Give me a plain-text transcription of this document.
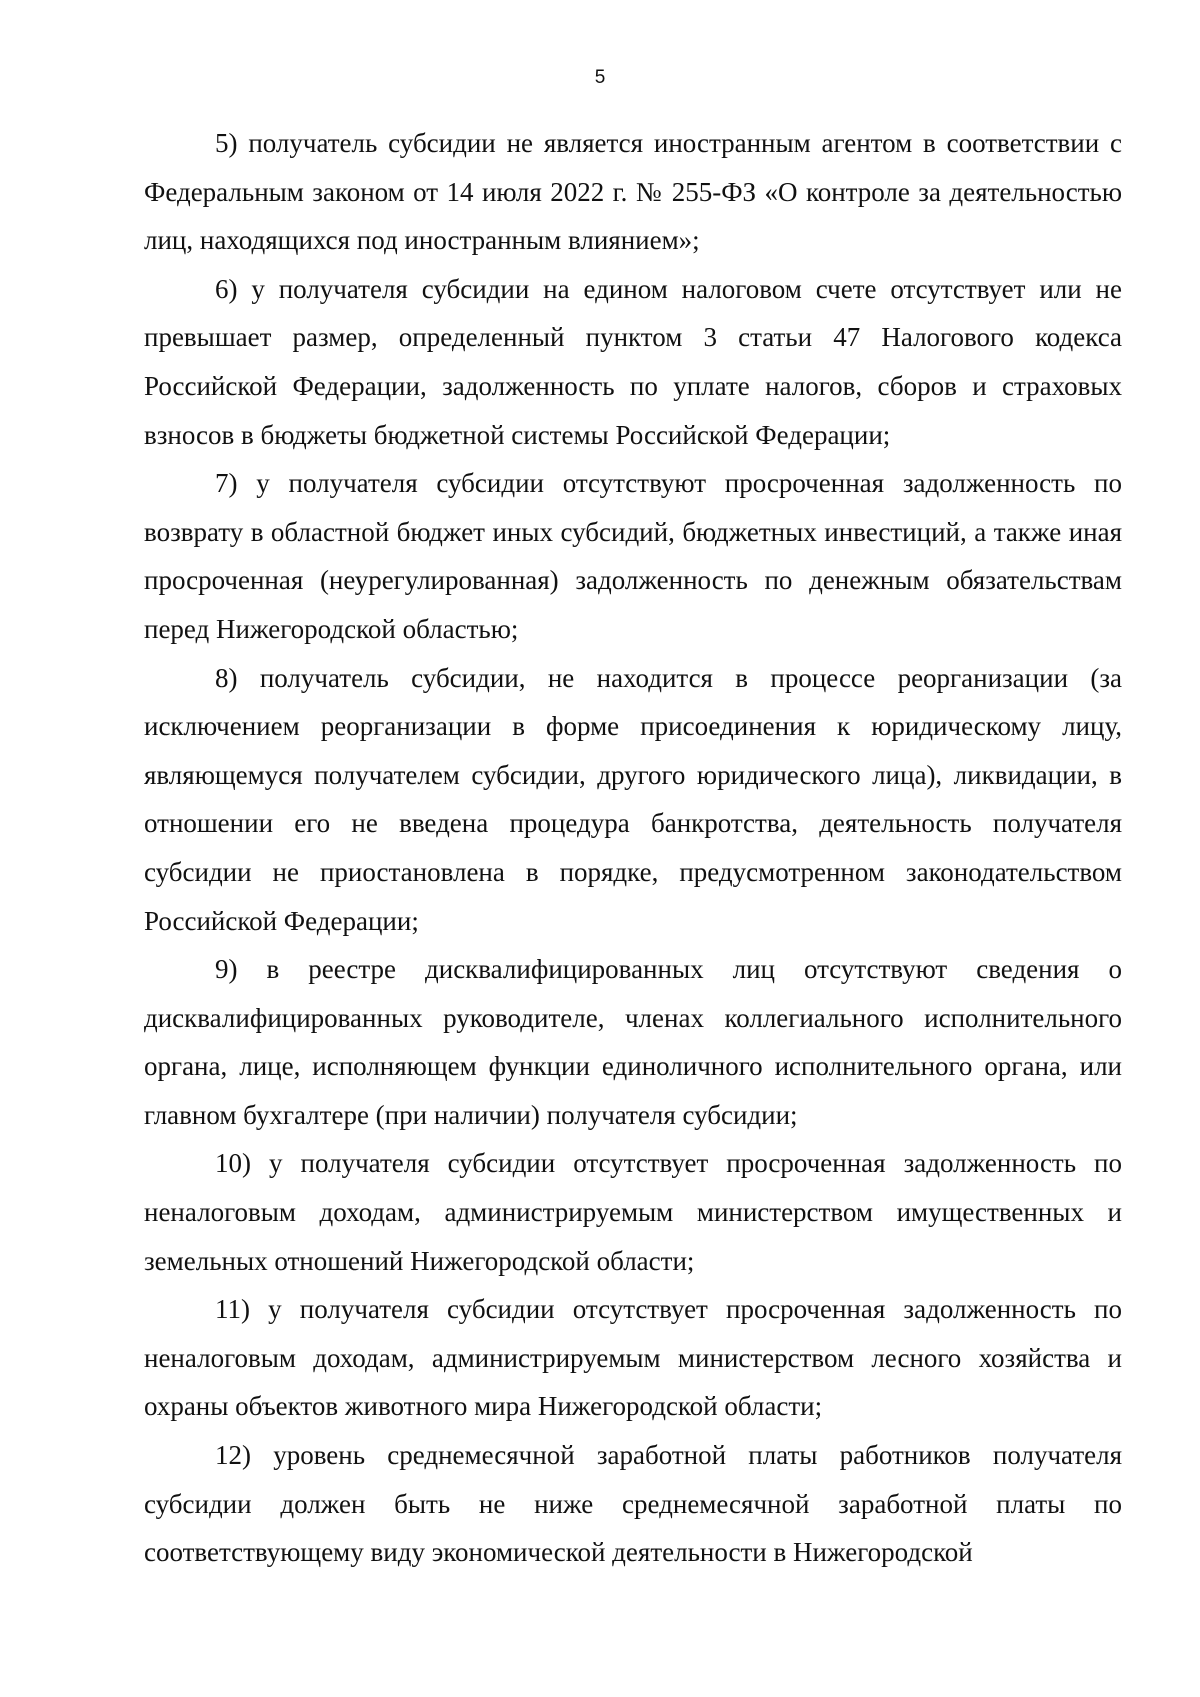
5

5) получатель субсидии не является иностранным агентом в соответствии с Федеральным законом от 14 июля 2022 г. № 255-ФЗ «О контроле за деятельностью лиц, находящихся под иностранным влиянием»;

6) у получателя субсидии на едином налоговом счете отсутствует или не превышает размер, определенный пунктом 3 статьи 47 Налогового кодекса Российской Федерации, задолженность по уплате налогов, сборов и страховых взносов в бюджеты бюджетной системы Российской Федерации;

7) у получателя субсидии отсутствуют просроченная задолженность по возврату в областной бюджет иных субсидий, бюджетных инвестиций, а также иная просроченная (неурегулированная) задолженность по денежным обязательствам перед Нижегородской областью;

8) получатель субсидии, не находится в процессе реорганизации (за исключением реорганизации в форме присоединения к юридическому лицу, являющемуся получателем субсидии, другого юридического лица), ликвидации, в отношении его не введена процедура банкротства, деятельность получателя субсидии не приостановлена в порядке, предусмотренном законодательством Российской Федерации;

9) в реестре дисквалифицированных лиц отсутствуют сведения о дисквалифицированных руководителе, членах коллегиального исполнительного органа, лице, исполняющем функции единоличного исполнительного органа, или главном бухгалтере (при наличии) получателя субсидии;

10) у получателя субсидии отсутствует просроченная задолженность по неналоговым доходам, администрируемым министерством имущественных и земельных отношений Нижегородской области;

11) у получателя субсидии отсутствует просроченная задолженность по неналоговым доходам, администрируемым министерством лесного хозяйства и охраны объектов животного мира Нижегородской области;

12) уровень среднемесячной заработной платы работников получателя субсидии должен быть не ниже среднемесячной заработной платы по соответствующему виду экономической деятельности в Нижегородской
